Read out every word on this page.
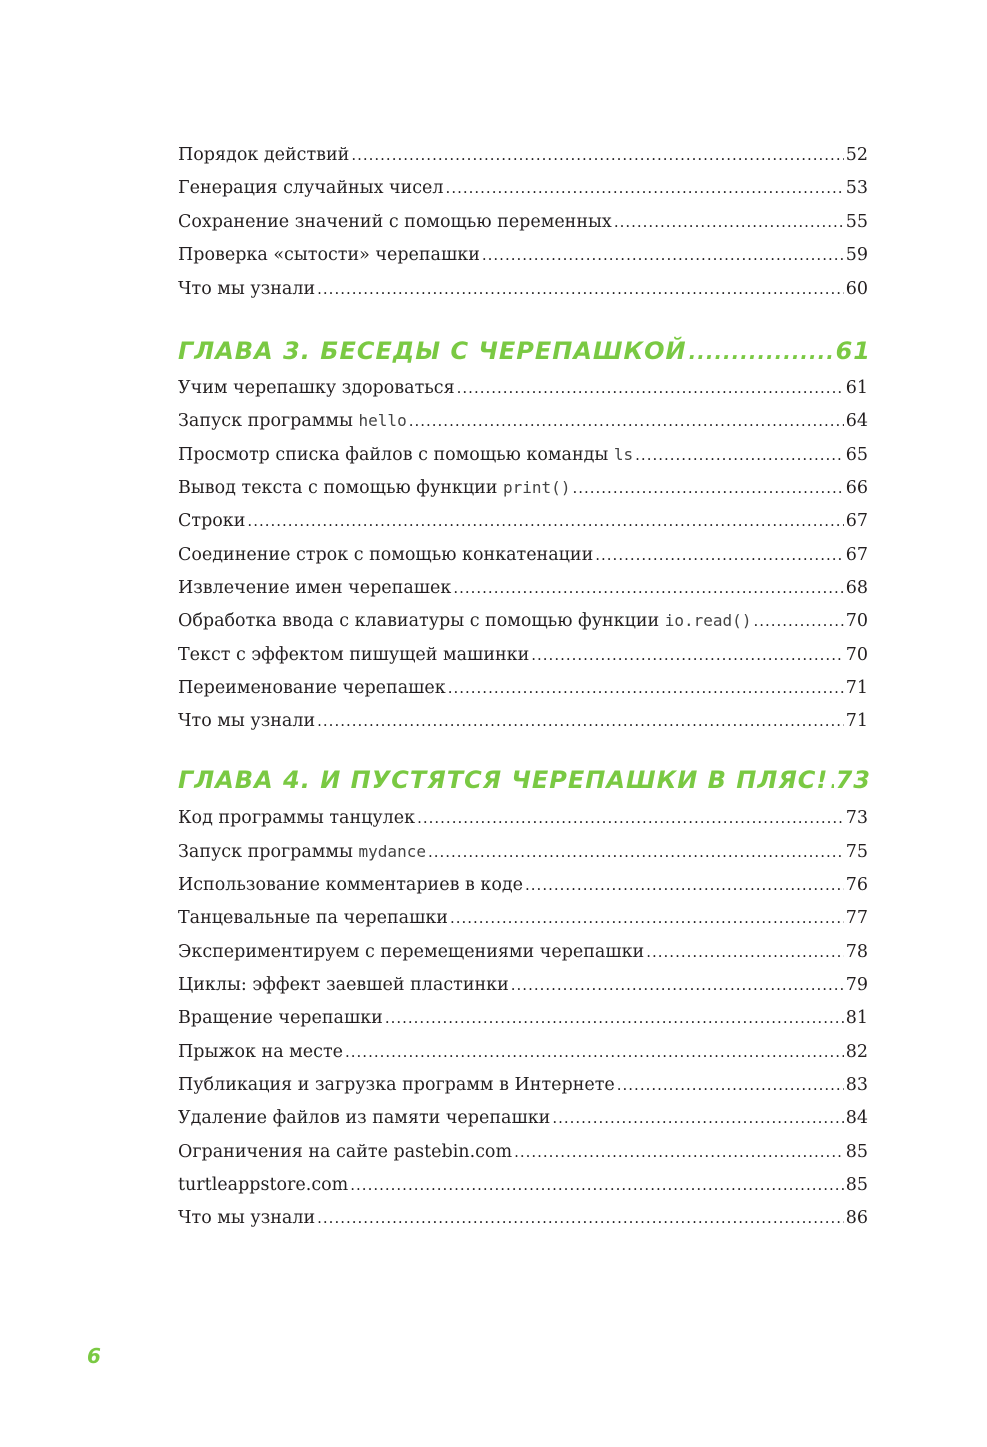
Порядок действий .....	52
Генерация случайных чисел .....	53
Сохранение значений с помощью переменных .....	55
Проверка «сытости» черепашки .....	59
Что мы узнали .....	60
ГЛАВА 3. БЕСЕДЫ С ЧЕРЕПАШКОЙ .....	61
Учим черепашку здороваться .....	61
Запуск программы hello .....	64
Просмотр списка файлов с помощью команды ls .....	65
Вывод текста с помощью функции print() .....	66
Строки .....	67
Соединение строк с помощью конкатенации .....	67
Извлечение имен черепашек .....	68
Обработка ввода с клавиатуры с помощью функции io.read() .....	70
Текст с эффектом пишущей машинки .....	70
Переименование черепашек .....	71
Что мы узнали .....	71
ГЛАВА 4. И ПУСТЯТСЯ ЧЕРЕПАШКИ В ПЛЯС! ..... 73
Код программы танцулек .....	73
Запуск программы mydance .....	75
Использование комментариев в коде .....	76
Танцевальные па черепашки .....	77
Экспериментируем с перемещениями черепашки .....	78
Циклы: эффект заевшей пластинки .....	79
Вращение черепашки .....	81
Прыжок на месте .....	82
Публикация и загрузка программ в Интернете .....	83
Удаление файлов из памяти черепашки .....	84
Ограничения на сайте pastebin.com .....	85
turtleappstore.com .....	85
Что мы узнали .....	86
6
